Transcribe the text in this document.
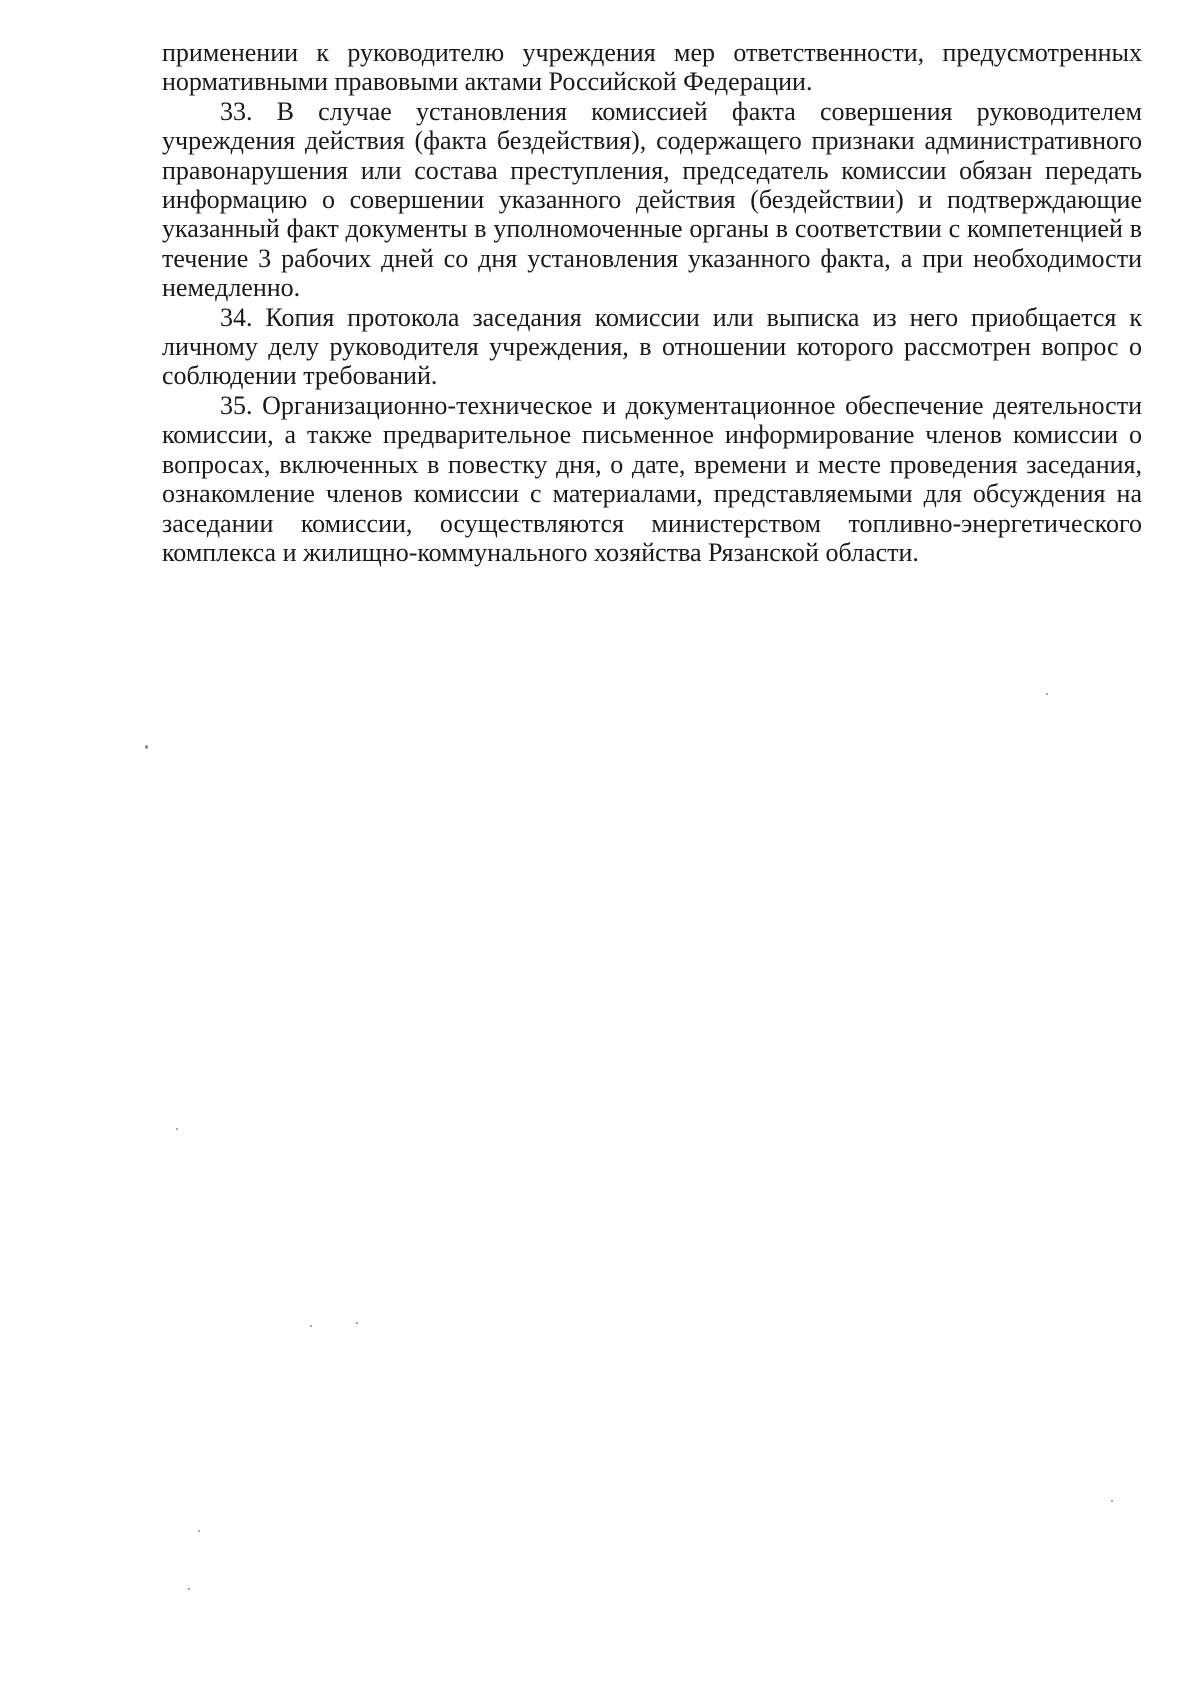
применении к руководителю учреждения мер ответственности, предусмотренных нормативными правовыми актами Российской Федерации.

33. В случае установления комиссией факта совершения руководителем учреждения действия (факта бездействия), содержащего признаки административного правонарушения или состава преступления, председатель комиссии обязан передать информацию о совершении указанного действия (бездействии) и подтверждающие указанный факт документы в уполномоченные органы в соответствии с компетенцией в течение 3 рабочих дней со дня установления указанного факта, а при необходимости немедленно.

34. Копия протокола заседания комиссии или выписка из него приобщается к личному делу руководителя учреждения, в отношении которого рассмотрен вопрос о соблюдении требований.

35. Организационно-техническое и документационное обеспечение деятельности комиссии, а также предварительное письменное информирование членов комиссии о вопросах, включенных в повестку дня, о дате, времени и месте проведения заседания, ознакомление членов комиссии с материалами, представляемыми для обсуждения на заседании комиссии, осуществляются министерством топливно-энергетического комплекса и жилищно-коммунального хозяйства Рязанской области.
